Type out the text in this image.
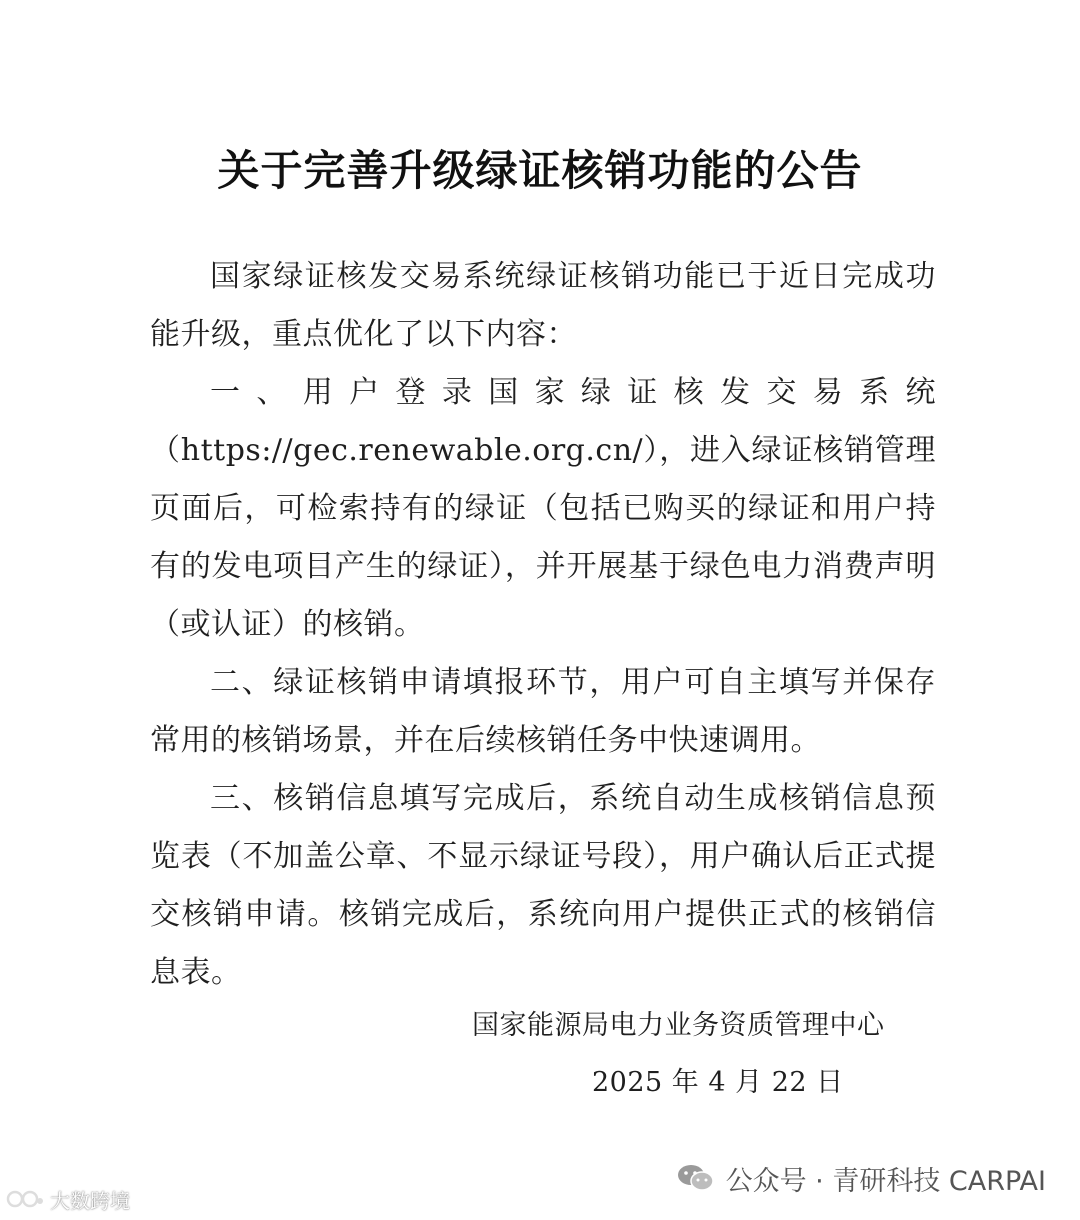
关于完善升级绿证核销功能的公告

国家绿证核发交易系统绿证核销功能已于近日完成功能升级，重点优化了以下内容：

一、用户登录国家绿证核发交易系统（https://gec.renewable.org.cn/），进入绿证核销管理页面后，可检索持有的绿证（包括已购买的绿证和用户持有的发电项目产生的绿证），并开展基于绿色电力消费声明（或认证）的核销。

二、绿证核销申请填报环节，用户可自主填写并保存常用的核销场景，并在后续核销任务中快速调用。

三、核销信息填写完成后，系统自动生成核销信息预览表（不加盖公章、不显示绿证号段），用户确认后正式提交核销申请。核销完成后，系统向用户提供正式的核销信息表。

国家能源局电力业务资质管理中心
2025 年 4 月 22 日
公众号 · 青研科技 CARPAI
大数跨境
